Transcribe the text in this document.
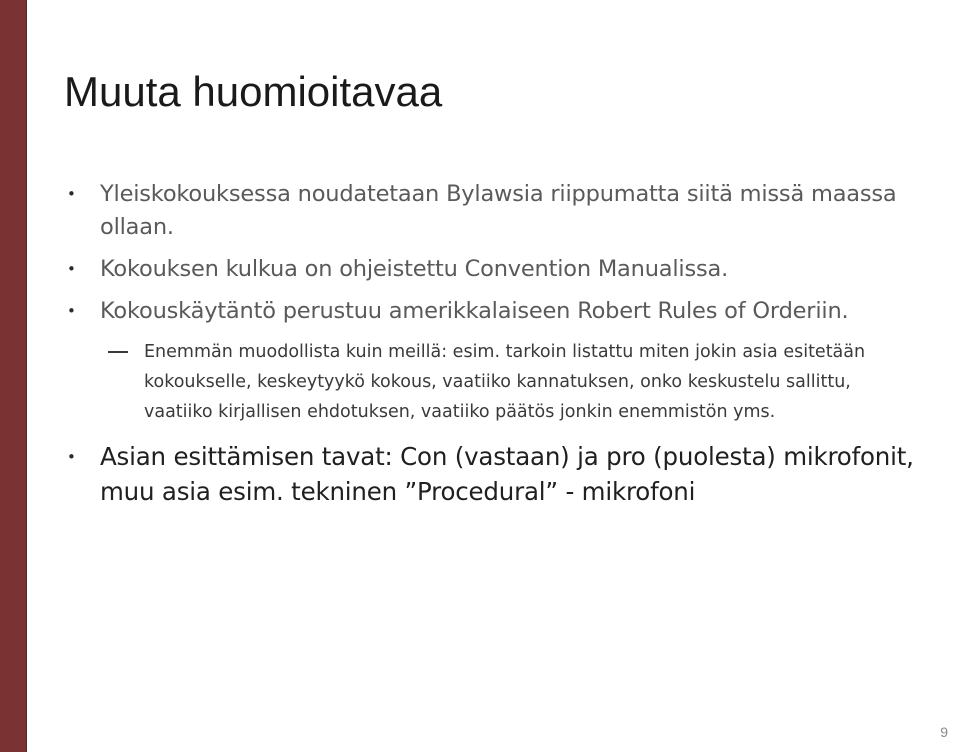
Muuta huomioitavaa
• Yleiskokouksessa noudatetaan Bylawsia riippumatta siitä missä maassa ollaan.
• Kokouksen kulkua on ohjeistettu Convention Manualissa.
• Kokouskäytäntö perustuu amerikkalaiseen Robert Rules of Orderiin.
Enemmän muodollista kuin meillä: esim. tarkoin listattu miten jokin asia esitetään kokoukselle, keskeytyykö kokous, vaatiiko kannatuksen, onko keskustelu sallittu, vaatiiko kirjallisen ehdotuksen, vaatiiko päätös jonkin enemmistön yms.
• Asian esittämisen tavat: Con (vastaan) ja pro (puolesta) mikrofonit, muu asia esim. tekninen ”Procedural” - mikrofoni
9
